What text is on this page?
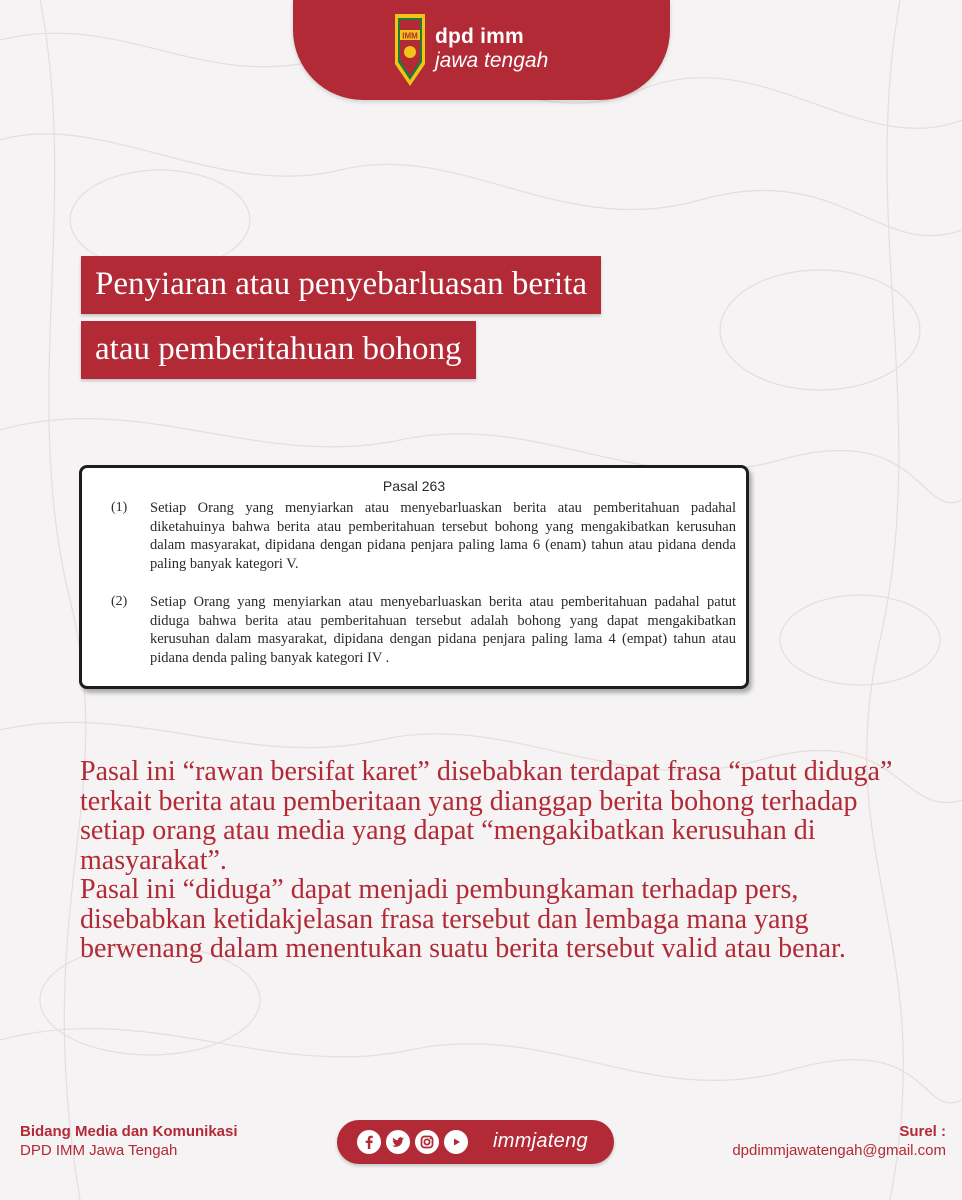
IMM dpd imm
jawa tengah
Penyiaran atau penyebarluasan berita
atau pemberitahuan bohong
Pasal 263
(1) Setiap Orang yang menyiarkan atau menyebarluaskan berita atau pemberitahuan padahal diketahuinya bahwa berita atau pemberitahuan tersebut bohong yang mengakibatkan kerusuhan dalam masyarakat, dipidana dengan pidana penjara paling lama 6 (enam) tahun atau pidana denda paling banyak kategori V.
(2) Setiap Orang yang menyiarkan atau menyebarluaskan berita atau pemberitahuan padahal patut diduga bahwa berita atau pemberitahuan tersebut adalah bohong yang dapat mengakibatkan kerusuhan dalam masyarakat, dipidana dengan pidana penjara paling lama 4 (empat) tahun atau pidana denda paling banyak kategori IV .

Pasal ini “rawan bersifat karet” disebabkan terdapat frasa “patut diduga” terkait berita atau pemberitaan yang dianggap berita bohong terhadap setiap orang atau media yang dapat “mengakibatkan kerusuhan di masyarakat”.

Pasal ini “diduga” dapat menjadi pembungkaman terhadap pers, disebabkan ketidakjelasan frasa tersebut dan lembaga mana yang berwenang dalam menentukan suatu berita tersebut valid atau benar.

Bidang Media dan Komunikasi
DPD IMM Jawa Tengah	immjateng	Surel :
dpdimmjawatengah@gmail.com
